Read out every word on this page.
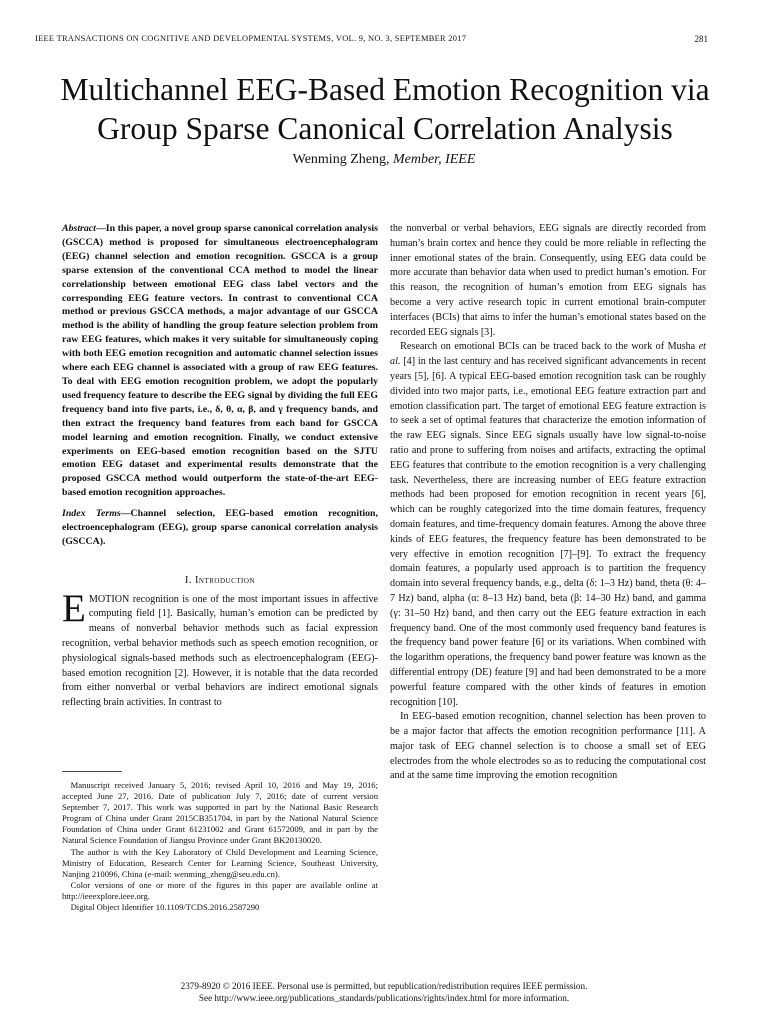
IEEE TRANSACTIONS ON COGNITIVE AND DEVELOPMENTAL SYSTEMS, VOL. 9, NO. 3, SEPTEMBER 2017	281
Multichannel EEG-Based Emotion Recognition via
Group Sparse Canonical Correlation Analysis
Wenming Zheng, Member, IEEE

Abstract—In this paper, a novel group sparse canonical correlation analysis (GSCCA) method is proposed for simultaneous electroencephalogram (EEG) channel selection and emotion recognition. GSCCA is a group sparse extension of the conventional CCA method to model the linear correlationship between emotional EEG class label vectors and the corresponding EEG feature vectors. In contrast to conventional CCA method or previous GSCCA methods, a major advantage of our GSCCA method is the ability of handling the group feature selection problem from raw EEG features, which makes it very suitable for simultaneously coping with both EEG emotion recognition and automatic channel selection issues where each EEG channel is associated with a group of raw EEG features. To deal with EEG emotion recognition problem, we adopt the popularly used frequency feature to describe the EEG signal by dividing the full EEG frequency band into five parts, i.e., δ, θ, α, β, and γ frequency bands, and then extract the frequency band features from each band for GSCCA model learning and emotion recognition. Finally, we conduct extensive experiments on EEG-based emotion recognition based on the SJTU emotion EEG dataset and experimental results demonstrate that the proposed GSCCA method would outperform the state-of-the-art EEG-based emotion recognition approaches.

Index Terms—Channel selection, EEG-based emotion recognition, electroencephalogram (EEG), group sparse canonical correlation analysis (GSCCA).

I. Introduction

EMOTION recognition is one of the most important issues in affective computing field [1]. Basically, human’s emotion can be predicted by means of nonverbal behavior methods such as facial expression recognition, verbal behavior methods such as speech emotion recognition, or physiological signals-based methods such as electroencephalogram (EEG)-based emotion recognition [2]. However, it is notable that the data recorded from either nonverbal or verbal behaviors are indirect emotional signals reflecting brain activities. In contrast to

Manuscript received January 5, 2016; revised April 10, 2016 and May 19, 2016; accepted June 27, 2016. Date of publication July 7, 2016; date of current version September 7, 2017. This work was supported in part by the National Basic Research Program of China under Grant 2015CB351704, in part by the National Natural Science Foundation of China under Grant 61231002 and Grant 61572009, and in part by the Natural Science Foundation of Jiangsu Province under Grant BK20130020.

The author is with the Key Laboratory of Child Development and Learning Science, Ministry of Education, Research Center for Learning Science, Southeast University, Nanjing 210096, China (e-mail: wenming_zheng@seu.edu.cn).

Color versions of one or more of the figures in this paper are available online at http://ieeexplore.ieee.org.

Digital Object Identifier 10.1109/TCDS.2016.2587290

the nonverbal or verbal behaviors, EEG signals are directly recorded from human’s brain cortex and hence they could be more reliable in reflecting the inner emotional states of the brain. Consequently, using EEG data could be more accurate than behavior data when used to predict human’s emotion. For this reason, the recognition of human’s emotion from EEG signals has become a very active research topic in current emotional brain-computer interfaces (BCIs) that aims to infer the human’s emotional states based on the recorded EEG signals [3].

Research on emotional BCIs can be traced back to the work of Musha et al. [4] in the last century and has received significant advancements in recent years [5], [6]. A typical EEG-based emotion recognition task can be roughly divided into two major parts, i.e., emotional EEG feature extraction part and emotion classification part. The target of emotional EEG feature extraction is to seek a set of optimal features that characterize the emotion information of the raw EEG signals. Since EEG signals usually have low signal-to-noise ratio and prone to suffering from noises and artifacts, extracting the optimal EEG features that contribute to the emotion recognition is a very challenging task. Nevertheless, there are increasing number of EEG feature extraction methods had been proposed for emotion recognition in recent years [6], which can be roughly categorized into the time domain features, frequency domain features, and time-frequency domain features. Among the above three kinds of EEG features, the frequency feature has been demonstrated to be very effective in emotion recognition [7]–[9]. To extract the frequency domain features, a popularly used approach is to partition the frequency domain into several frequency bands, e.g., delta (δ: 1–3 Hz) band, theta (θ: 4–7 Hz) band, alpha (α: 8–13 Hz) band, beta (β: 14–30 Hz) band, and gamma (γ: 31–50 Hz) band, and then carry out the EEG feature extraction in each frequency band. One of the most commonly used frequency band features is the frequency band power feature [6] or its variations. When combined with the logarithm operations, the frequency band power feature was known as the differential entropy (DE) feature [9] and had been demonstrated to be a more powerful feature compared with the other kinds of features in emotion recognition [10].

In EEG-based emotion recognition, channel selection has been proven to be a major factor that affects the emotion recognition performance [11]. A major task of EEG channel selection is to choose a small set of EEG electrodes from the whole electrodes so as to reducing the computational cost and at the same time improving the emotion recognition

2379-8920 © 2016 IEEE. Personal use is permitted, but republication/redistribution requires IEEE permission.
See http://www.ieee.org/publications_standards/publications/rights/index.html for more information.
